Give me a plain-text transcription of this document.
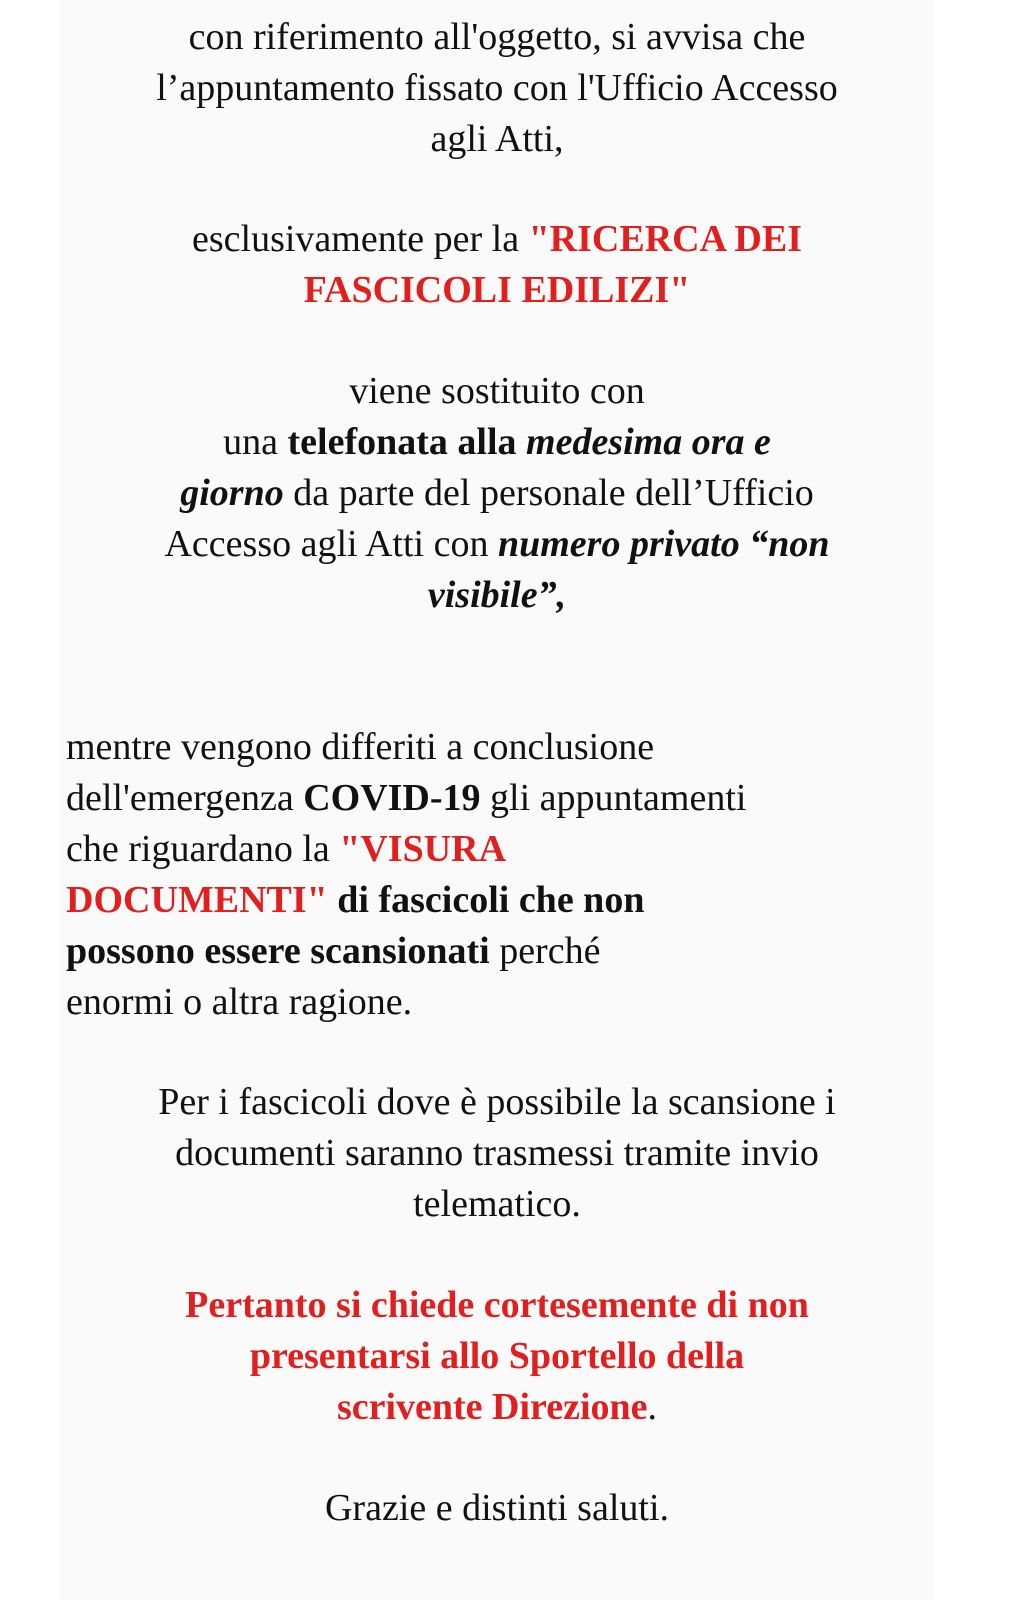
con riferimento all'oggetto, si avvisa che
l’appuntamento fissato con l'Ufficio Accesso
agli Atti,

esclusivamente per la "RICERCA DEI
FASCICOLI EDILIZI"

viene sostituito con
una telefonata alla medesima ora e
giorno da parte del personale dell’Ufficio
Accesso agli Atti con numero privato “non
visibile”,

mentre vengono differiti a conclusione
dell'emergenza COVID-19 gli appuntamenti
che riguardano la "VISURA
DOCUMENTI" di fascicoli che non
possono essere scansionati perché
enormi o altra ragione.

Per i fascicoli dove è possibile la scansione i
documenti saranno trasmessi tramite invio
telematico.

Pertanto si chiede cortesemente di non
presentarsi allo Sportello della
scrivente Direzione.

Grazie e distinti saluti.
